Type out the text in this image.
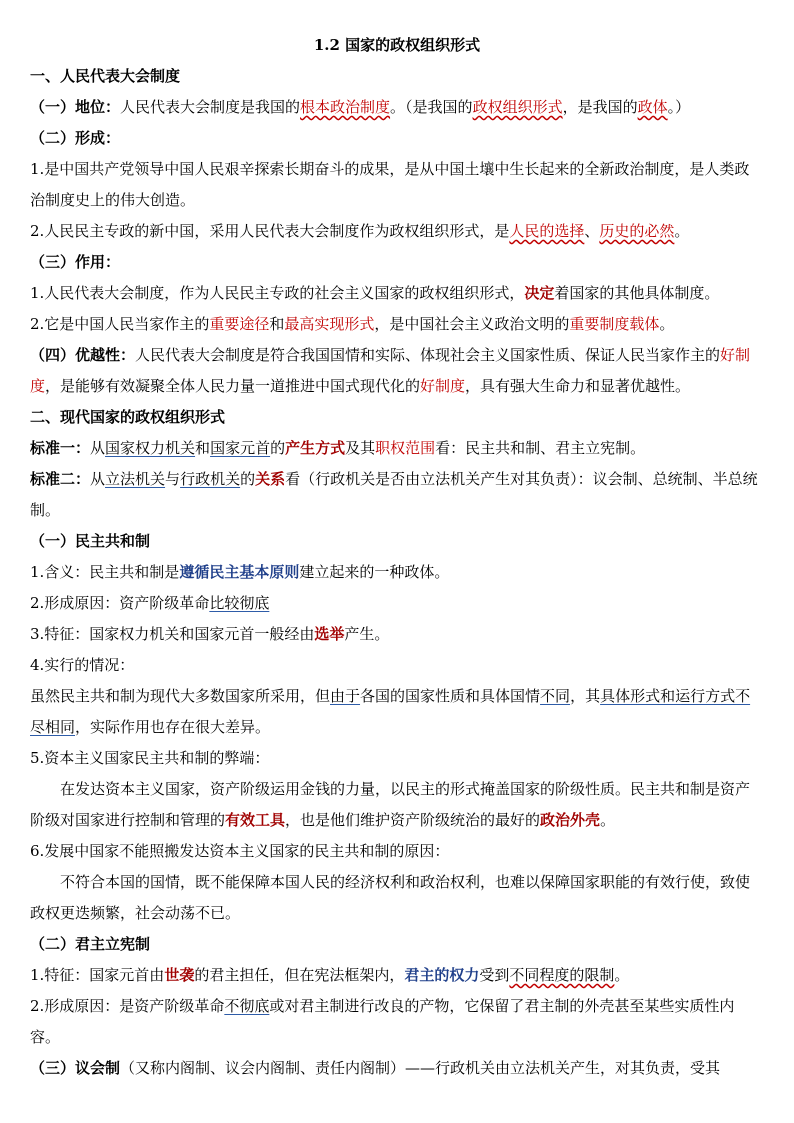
1.2 国家的政权组织形式

一、人民代表大会制度

（一）地位：人民代表大会制度是我国的根本政治制度。（是我国的政权组织形式，是我国的政体。）

（二）形成：

1.是中国共产党领导中国人民艰辛探索长期奋斗的成果，是从中国土壤中生长起来的全新政治制度，是人类政治制度史上的伟大创造。

2.人民民主专政的新中国，采用人民代表大会制度作为政权组织形式，是人民的选择、历史的必然。

（三）作用：

1.人民代表大会制度，作为人民民主专政的社会主义国家的政权组织形式，决定着国家的其他具体制度。

2.它是中国人民当家作主的重要途径和最高实现形式，是中国社会主义政治文明的重要制度载体。

（四）优越性：人民代表大会制度是符合我国国情和实际、体现社会主义国家性质、保证人民当家作主的好制度，是能够有效凝聚全体人民力量一道推进中国式现代化的好制度，具有强大生命力和显著优越性。

二、现代国家的政权组织形式

标准一：从国家权力机关和国家元首的产生方式及其职权范围看：民主共和制、君主立宪制。

标准二：从立法机关与行政机关的关系看（行政机关是否由立法机关产生对其负责）：议会制、总统制、半总统制。

（一）民主共和制

1.含义：民主共和制是遵循民主基本原则建立起来的一种政体。

2.形成原因：资产阶级革命比较彻底

3.特征：国家权力机关和国家元首一般经由选举产生。

4.实行的情况：

虽然民主共和制为现代大多数国家所采用，但由于各国的国家性质和具体国情不同，其具体形式和运行方式不尽相同，实际作用也存在很大差异。

5.资本主义国家民主共和制的弊端：

在发达资本主义国家，资产阶级运用金钱的力量，以民主的形式掩盖国家的阶级性质。民主共和制是资产阶级对国家进行控制和管理的有效工具，也是他们维护资产阶级统治的最好的政治外壳。

6.发展中国家不能照搬发达资本主义国家的民主共和制的原因：

不符合本国的国情，既不能保障本国人民的经济权利和政治权利，也难以保障国家职能的有效行使，致使政权更迭频繁，社会动荡不已。

（二）君主立宪制

1.特征：国家元首由世袭的君主担任，但在宪法框架内，君主的权力受到不同程度的限制。

2.形成原因：是资产阶级革命不彻底或对君主制进行改良的产物，它保留了君主制的外壳甚至某些实质性内容。

（三）议会制（又称内阁制、议会内阁制、责任内阁制）——行政机关由立法机关产生，对其负责，受其
